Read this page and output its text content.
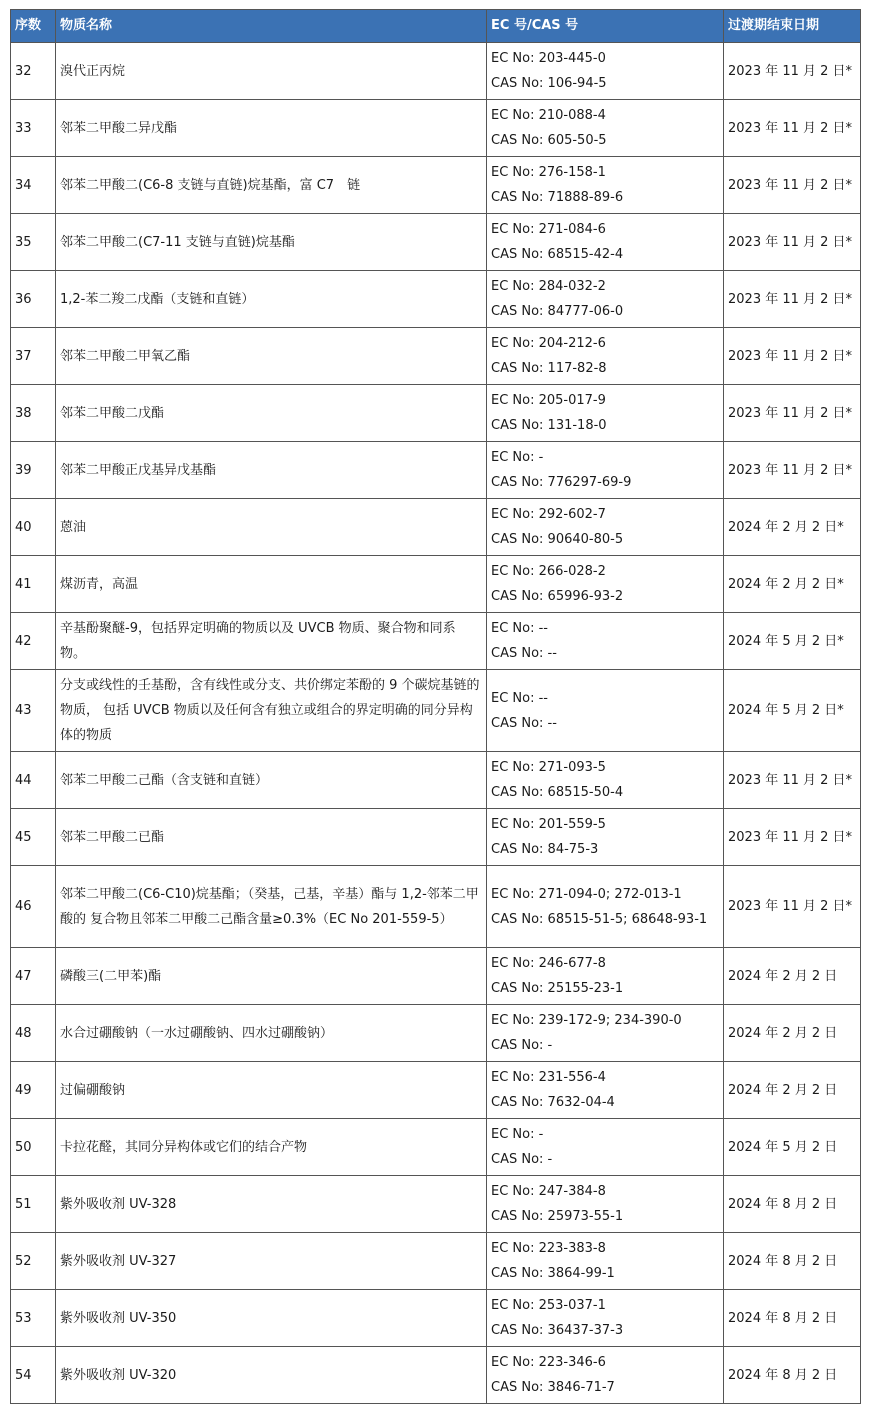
序数	物质名称	EC 号/CAS 号	过渡期结束日期
32	溴代正丙烷	EC No: 203-445-0
CAS No: 106-94-5	2023 年 11 月 2 日*
33	邻苯二甲酸二异戊酯	EC No: 210-088-4
CAS No: 605-50-5	2023 年 11 月 2 日*
34	邻苯二甲酸二(C6-8 支链与直链)烷基酯，富 C7　链	EC No: 276-158-1
CAS No: 71888-89-6	2023 年 11 月 2 日*
35	邻苯二甲酸二(C7-11 支链与直链)烷基酯	EC No: 271-084-6
CAS No: 68515-42-4	2023 年 11 月 2 日*
36	1,2-苯二羧二戊酯（支链和直链）	EC No: 284-032-2
CAS No: 84777-06-0	2023 年 11 月 2 日*
37	邻苯二甲酸二甲氧乙酯	EC No: 204-212-6
CAS No: 117-82-8	2023 年 11 月 2 日*
38	邻苯二甲酸二戊酯	EC No: 205-017-9
CAS No: 131-18-0	2023 年 11 月 2 日*
39	邻苯二甲酸正戊基异戊基酯	EC No: -
CAS No: 776297-69-9	2023 年 11 月 2 日*
40	蒽油	EC No: 292-602-7
CAS No: 90640-80-5	2024 年 2 月 2 日*
41	煤沥青，高温	EC No: 266-028-2
CAS No: 65996-93-2	2024 年 2 月 2 日*
42	辛基酚聚醚-9，包括界定明确的物质以及 UVCB 物质、聚合物和同系物。	EC No: --
CAS No: --	2024 年 5 月 2 日*
43	分支或线性的壬基酚，含有线性或分支、共价绑定苯酚的 9 个碳烷基链的物质， 包括 UVCB 物质以及任何含有独立或组合的界定明确的同分异构体的物质	EC No: --
CAS No: --	2024 年 5 月 2 日*
44	邻苯二甲酸二己酯（含支链和直链）	EC No: 271-093-5
CAS No: 68515-50-4	2023 年 11 月 2 日*
45	邻苯二甲酸二已酯	EC No: 201-559-5
CAS No: 84-75-3	2023 年 11 月 2 日*
46	邻苯二甲酸二(C6-C10)烷基酯；（癸基，己基，辛基）酯与 1,2-邻苯二甲酸的 复合物且邻苯二甲酸二己酯含量≥0.3%（EC No 201-559-5）	EC No: 271-094-0; 272-013-1
CAS No: 68515-51-5; 68648-93-1	2023 年 11 月 2 日*
47	磷酸三(二甲苯)酯	EC No: 246-677-8
CAS No: 25155-23-1	2024 年 2 月 2 日
48	水合过硼酸钠（一水过硼酸钠、四水过硼酸钠）	EC No: 239-172-9; 234-390-0
CAS No: -	2024 年 2 月 2 日
49	过偏硼酸钠	EC No: 231-556-4
CAS No: 7632-04-4	2024 年 2 月 2 日
50	卡拉花醛，其同分异构体或它们的结合产物	EC No: -
CAS No: -	2024 年 5 月 2 日
51	紫外吸收剂 UV-328	EC No: 247-384-8
CAS No: 25973-55-1	2024 年 8 月 2 日
52	紫外吸收剂 UV-327	EC No: 223-383-8
CAS No: 3864-99-1	2024 年 8 月 2 日
53	紫外吸收剂 UV-350	EC No: 253-037-1
CAS No: 36437-37-3	2024 年 8 月 2 日
54	紫外吸收剂 UV-320	EC No: 223-346-6
CAS No: 3846-71-7	2024 年 8 月 2 日
